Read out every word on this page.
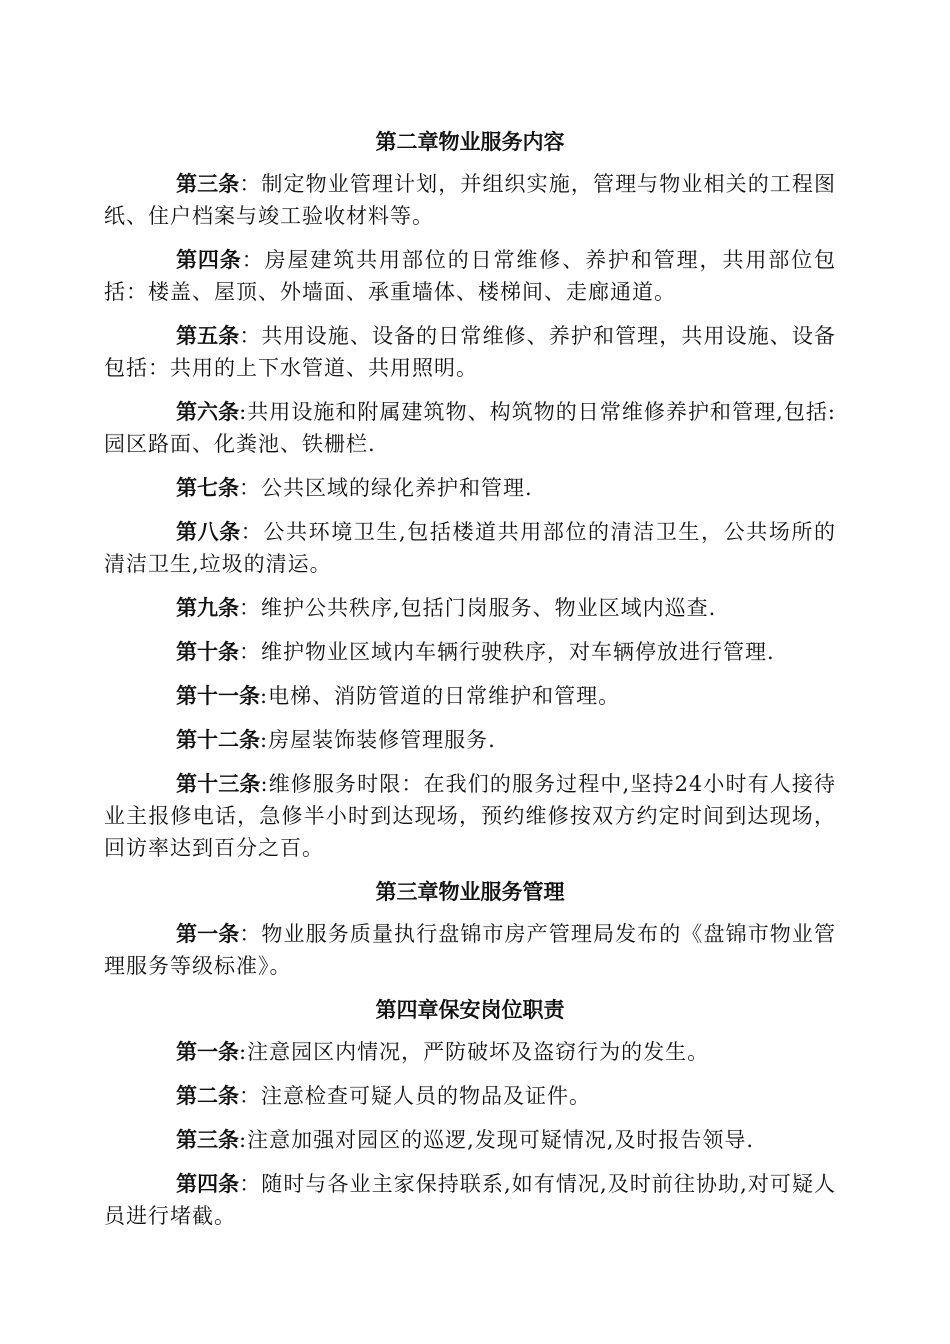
第二章物业服务内容

第三条：制定物业管理计划，并组织实施，管理与物业相关的工程图纸、住户档案与竣工验收材料等。

第四条：房屋建筑共用部位的日常维修、养护和管理，共用部位包括：楼盖、屋顶、外墙面、承重墙体、楼梯间、走廊通道。

第五条：共用设施、设备的日常维修、养护和管理，共用设施、设备包括：共用的上下水管道、共用照明。

第六条:共用设施和附属建筑物、构筑物的日常维修养护和管理,包括:园区路面、化粪池、铁栅栏.

第七条：公共区域的绿化养护和管理.

第八条：公共环境卫生,包括楼道共用部位的清洁卫生，公共场所的清洁卫生,垃圾的清运。

第九条：维护公共秩序,包括门岗服务、物业区域内巡查.

第十条：维护物业区域内车辆行驶秩序，对车辆停放进行管理.

第十一条:电梯、消防管道的日常维护和管理。

第十二条:房屋装饰装修管理服务.

第十三条:维修服务时限：在我们的服务过程中,坚持24小时有人接待业主报修电话，急修半小时到达现场，预约维修按双方约定时间到达现场，回访率达到百分之百。

第三章物业服务管理

第一条：物业服务质量执行盘锦市房产管理局发布的《盘锦市物业管理服务等级标准》。

第四章保安岗位职责

第一条:注意园区内情况，严防破坏及盗窃行为的发生。

第二条：注意检查可疑人员的物品及证件。

第三条:注意加强对园区的巡逻,发现可疑情况,及时报告领导.

第四条：随时与各业主家保持联系,如有情况,及时前往协助,对可疑人员进行堵截。
